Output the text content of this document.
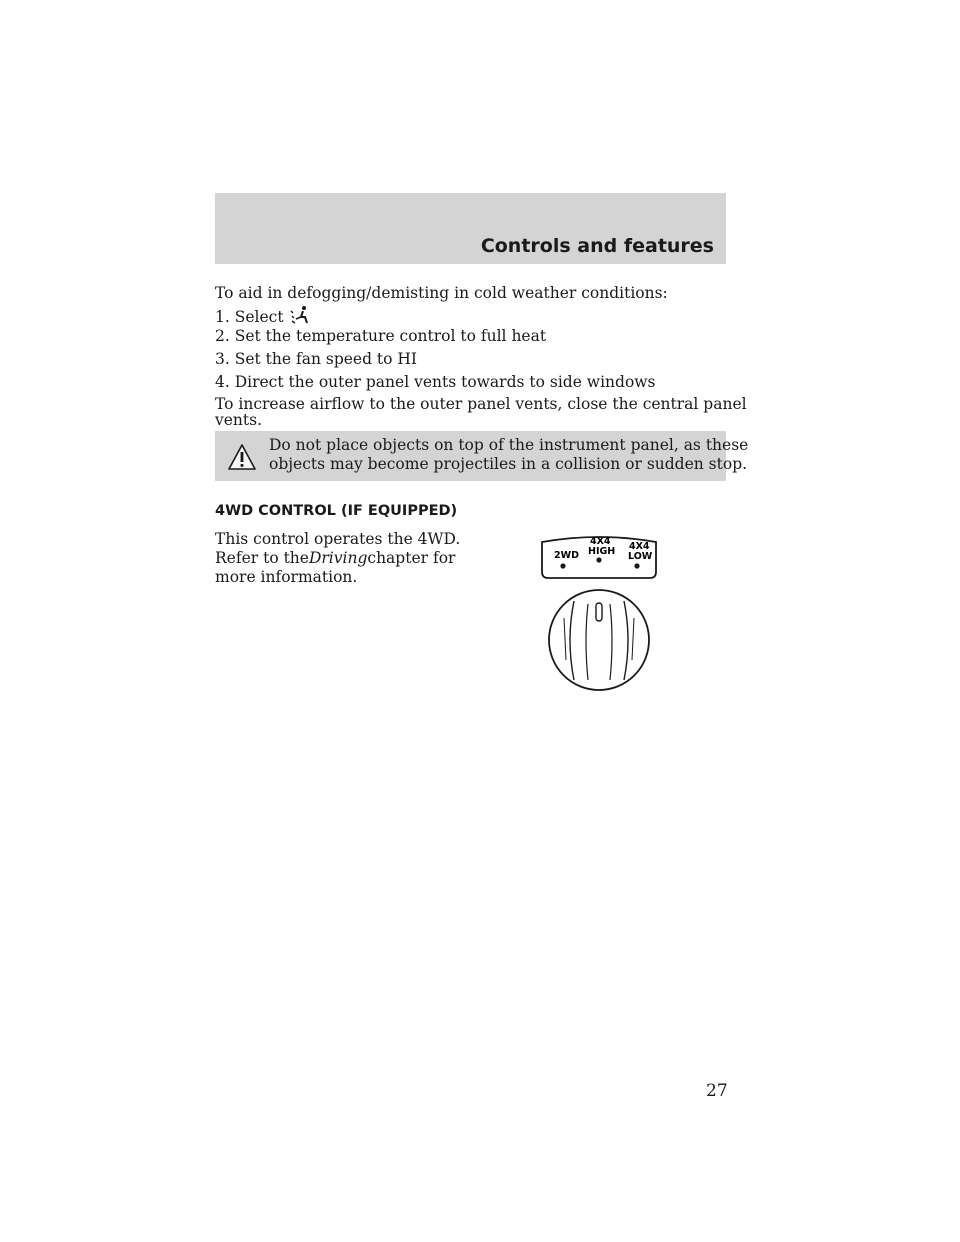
Controls and features
To aid in defogging/demisting in cold weather conditions:
1. Select
2. Set the temperature control to full heat
3. Set the fan speed to HI
4. Direct the outer panel vents towards to side windows
To increase airflow to the outer panel vents, close the central panel
vents.
Do not place objects on top of the instrument panel, as these
objects may become projectiles in a collision or sudden stop.
4WD CONTROL (IF EQUIPPED)
This control operates the 4WD.
Refer to theDrivingchapter for
more information.
2WD
4X4
HIGH 4X4
LOW
27
